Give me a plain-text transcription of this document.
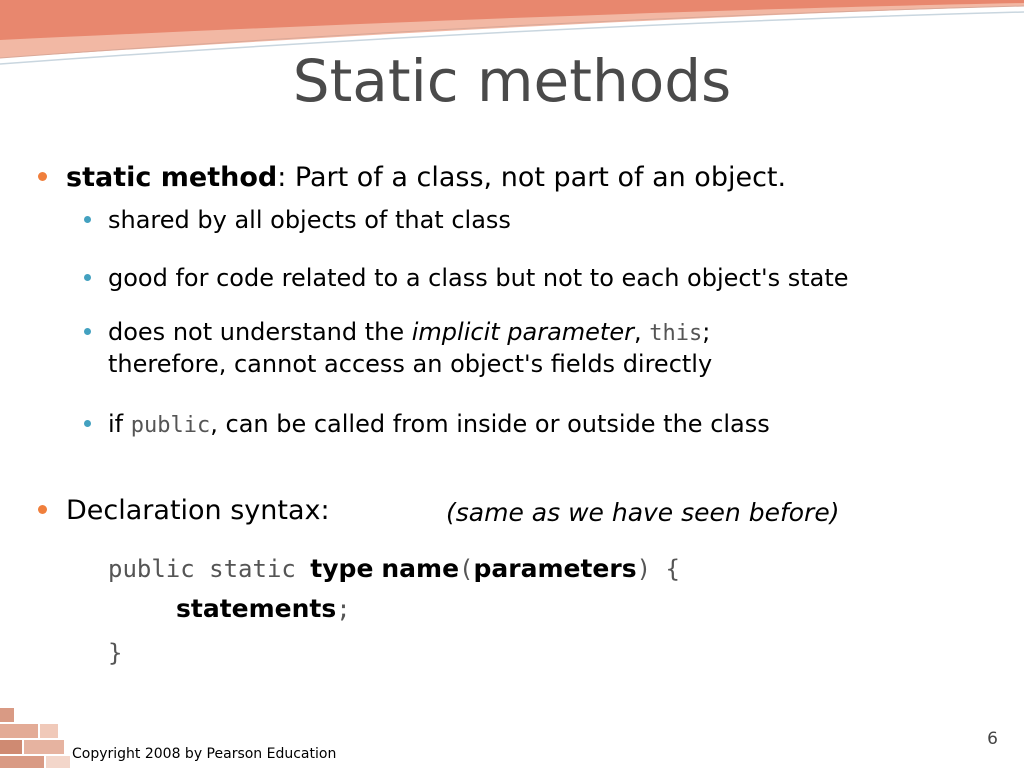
Static methods
static method: Part of a class, not part of an object.
shared by all objects of that class
good for code related to a class but not to each object's state
does not understand the implicit parameter, this;
therefore, cannot access an object's fields directly
if public, can be called from inside or outside the class
Declaration syntax:	(same as we have seen before)
public static type name(parameters) {
statements;
}
Copyright 2008 by Pearson Education
6
